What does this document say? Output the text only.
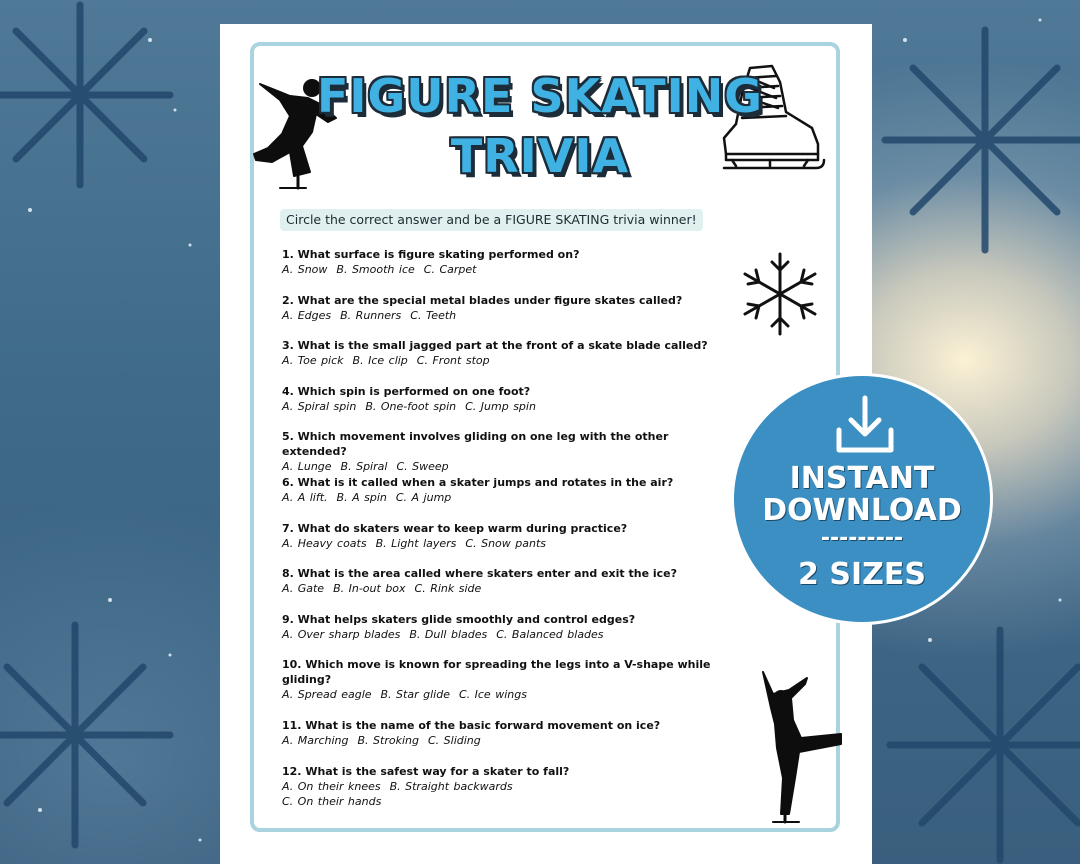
FIGURE SKATING
TRIVIA
Circle the correct answer and be a FIGURE SKATING trivia winner!
1. What surface is figure skating performed on?
A. Snow B. Smooth ice C. Carpet
2. What are the special metal blades under figure skates called?
A. Edges B. Runners C. Teeth
3. What is the small jagged part at the front of a skate blade called?
A. Toe pick B. Ice clip C. Front stop
4. Which spin is performed on one foot?
A. Spiral spin B. One-foot spin C. Jump spin
5. Which movement involves gliding on one leg with the other extended?
A. Lunge B. Spiral C. Sweep
6. What is it called when a skater jumps and rotates in the air?
A. A lift. B. A spin C. A jump
7. What do skaters wear to keep warm during practice?
A. Heavy coats B. Light layers C. Snow pants
8. What is the area called where skaters enter and exit the ice?
A. Gate B. In-out box C. Rink side
9. What helps skaters glide smoothly and control edges?
A. Over sharp blades B. Dull blades C. Balanced blades
10. Which move is known for spreading the legs into a V-shape while gliding?
A. Spread eagle B. Star glide C. Ice wings
11. What is the name of the basic forward movement on ice?
A. Marching B. Stroking C. Sliding
12. What is the safest way for a skater to fall?
A. On their knees B. Straight backwards
C. On their hands
INSTANT
DOWNLOAD
---------
2 SIZES
